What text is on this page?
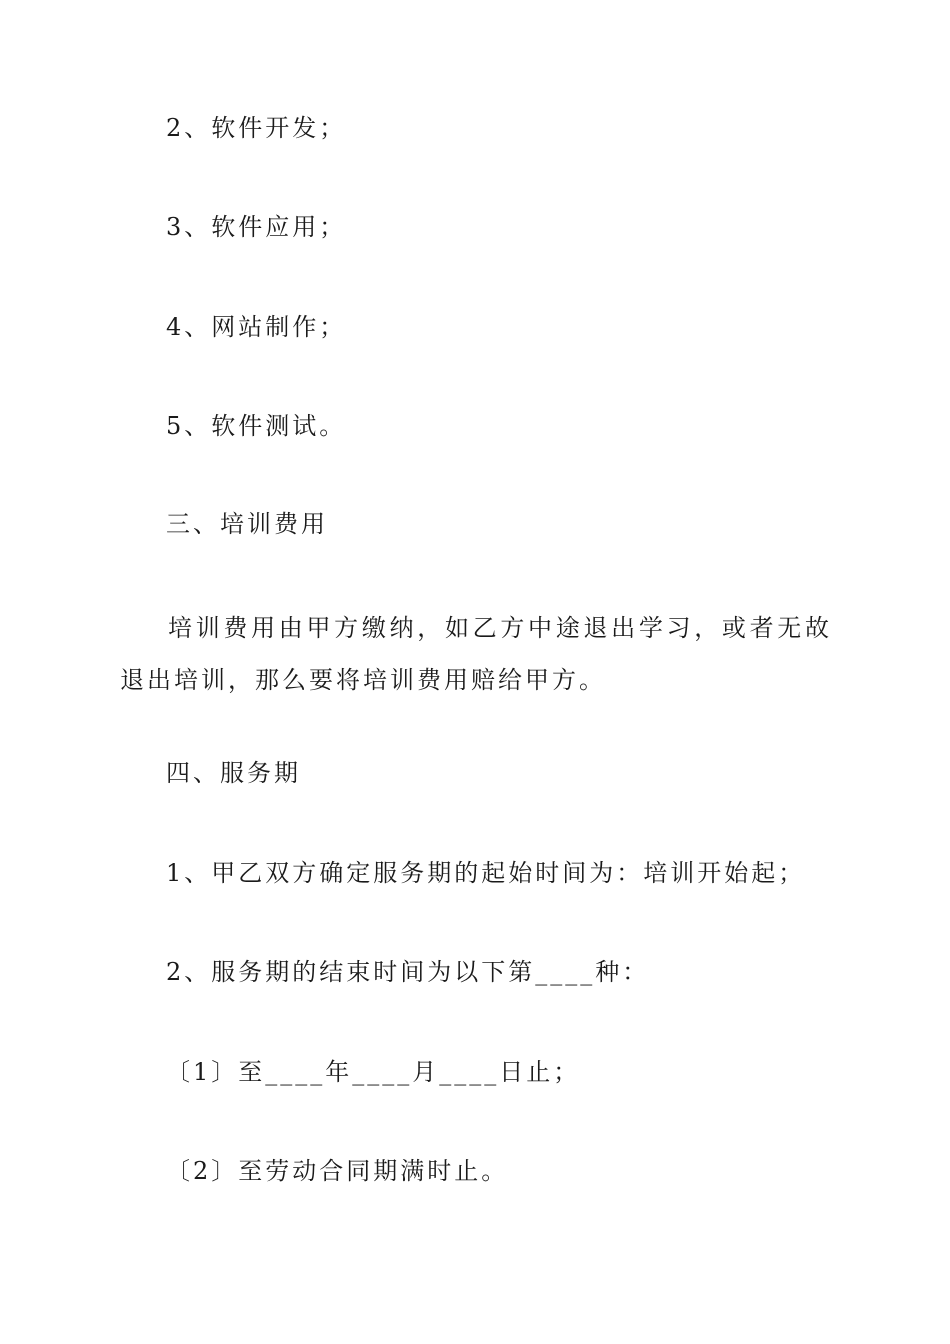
2、软件开发；

3、软件应用；

4、网站制作；

5、软件测试。

三、培训费用

培训费用由甲方缴纳，如乙方中途退出学习，或者无故退出培训，那么要将培训费用赔给甲方。

四、服务期

1、甲乙双方确定服务期的起始时间为：培训开始起；

2、服务期的结束时间为以下第____种：

〔1〕至____年____月____日止；

〔2〕至劳动合同期满时止。
